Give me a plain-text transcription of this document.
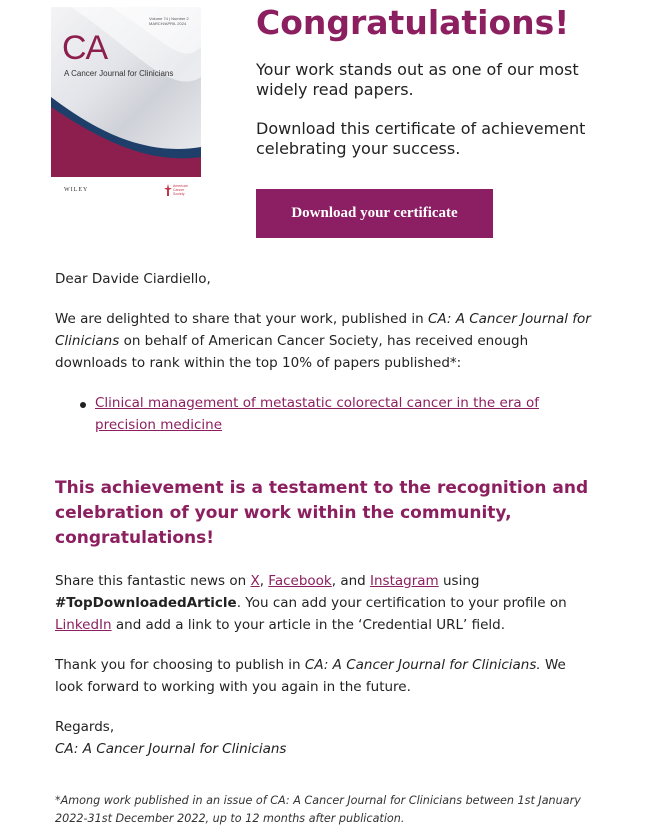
Volume 74 | Number 2
MARCH/APRIL 2024
CA
A Cancer Journal for Clinicians
WILEY
American
Cancer
Society
Congratulations!

Your work stands out as one of our most widely read papers.

Download this certificate of achievement celebrating your success.

Download your certificate

Dear Davide Ciardiello,

We are delighted to share that your work, published in CA: A Cancer Journal for Clinicians on behalf of American Cancer Society, has received enough downloads to rank within the top 10% of papers published*:

Clinical management of metastatic colorectal cancer in the era of precision medicine

This achievement is a testament to the recognition and celebration of your work within the community, congratulations!

Share this fantastic news on X, Facebook, and Instagram using #TopDownloadedArticle. You can add your certification to your profile on LinkedIn and add a link to your article in the ‘Credential URL’ field.

Thank you for choosing to publish in CA: A Cancer Journal for Clinicians. We look forward to working with you again in the future.

Regards,

CA: A Cancer Journal for Clinicians

*Among work published in an issue of CA: A Cancer Journal for Clinicians between 1st January 2022-31st December 2022, up to 12 months after publication.
